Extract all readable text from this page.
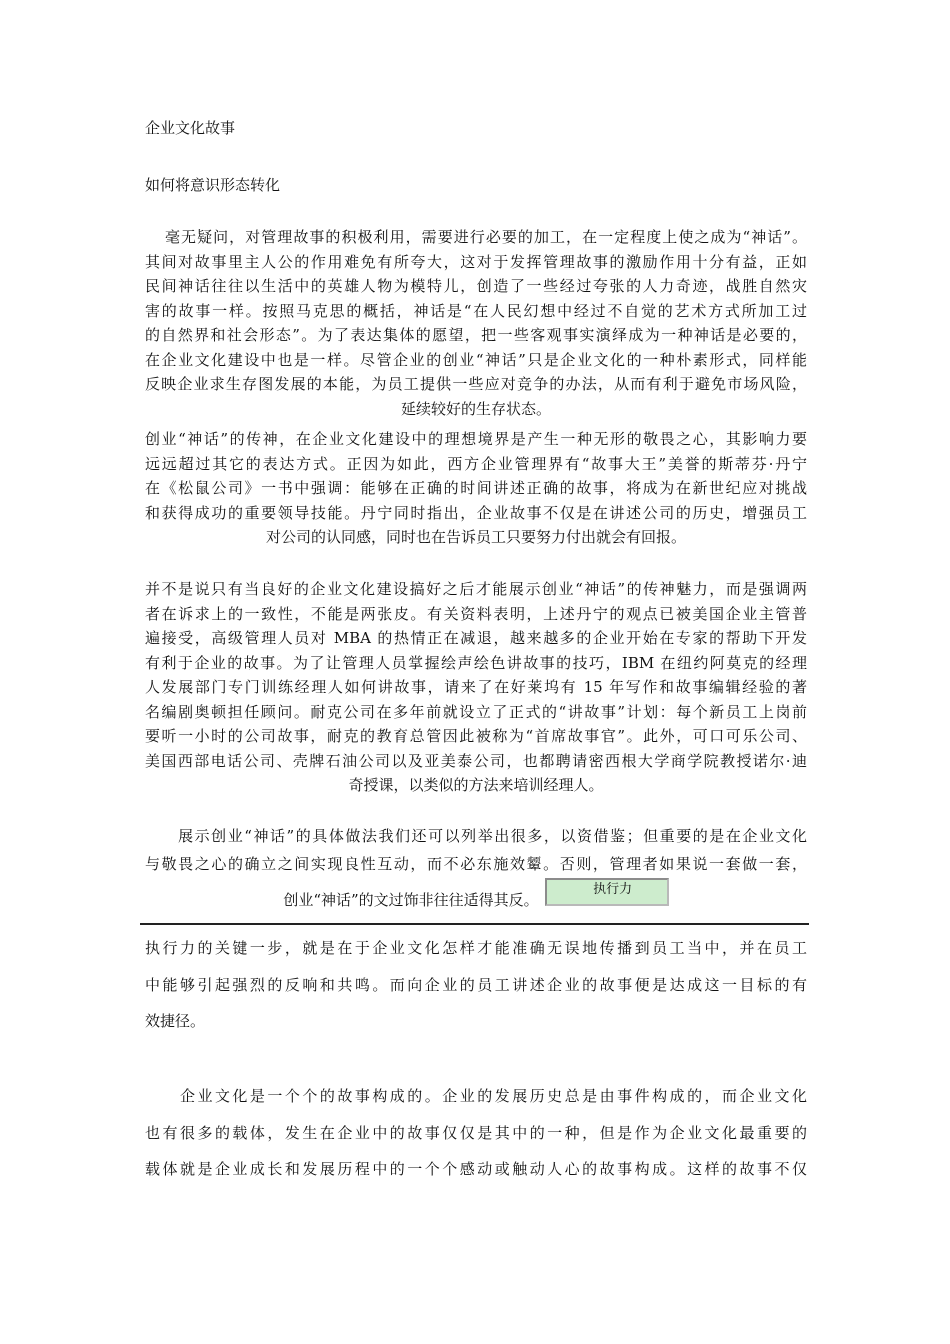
企业文化故事
如何将意识形态转化

毫无疑问，对管理故事的积极利用，需要进行必要的加工，在一定程度上使之成为“神话”。

其间对故事里主人公的作用难免有所夸大，这对于发挥管理故事的激励作用十分有益，正如

民间神话往往以生活中的英雄人物为模特儿，创造了一些经过夸张的人力奇迹，战胜自然灾

害的故事一样。按照马克思的概括，神话是“在人民幻想中经过不自觉的艺术方式所加工过

的自然界和社会形态”。为了表达集体的愿望，把一些客观事实演绎成为一种神话是必要的，

在企业文化建设中也是一样。尽管企业的创业“神话”只是企业文化的一种朴素形式，同样能

反映企业求生存图发展的本能，为员工提供一些应对竞争的办法，从而有利于避免市场风险，

延续较好的生存状态。

创业“神话”的传神，在企业文化建设中的理想境界是产生一种无形的敬畏之心，其影响力要

远远超过其它的表达方式。正因为如此，西方企业管理界有“故事大王”美誉的斯蒂芬·丹宁

在《松鼠公司》一书中强调：能够在正确的时间讲述正确的故事，将成为在新世纪应对挑战

和获得成功的重要领导技能。丹宁同时指出，企业故事不仅是在讲述公司的历史，增强员工

对公司的认同感，同时也在告诉员工只要努力付出就会有回报。

并不是说只有当良好的企业文化建设搞好之后才能展示创业“神话”的传神魅力，而是强调两

者在诉求上的一致性，不能是两张皮。有关资料表明，上述丹宁的观点已被美国企业主管普

遍接受，高级管理人员对 MBA 的热情正在减退，越来越多的企业开始在专家的帮助下开发

有利于企业的故事。为了让管理人员掌握绘声绘色讲故事的技巧，IBM 在纽约阿莫克的经理

人发展部门专门训练经理人如何讲故事，请来了在好莱坞有 15 年写作和故事编辑经验的著

名编剧奥顿担任顾问。耐克公司在多年前就设立了正式的“讲故事”计划：每个新员工上岗前

要听一小时的公司故事，耐克的教育总管因此被称为“首席故事官”。此外，可口可乐公司、

美国西部电话公司、壳牌石油公司以及亚美泰公司，也都聘请密西根大学商学院教授诺尔·迪

奇授课，以类似的方法来培训经理人。

　　展示创业“神话”的具体做法我们还可以列举出很多，以资借鉴；但重要的是在企业文化

与敬畏之心的确立之间实现良性互动，而不必东施效颦。否则，管理者如果说一套做一套，

创业“神话”的文过饰非往往适得其反。
执行力

执行力的关键一步，就是在于企业文化怎样才能准确无误地传播到员工当中，并在员工

中能够引起强烈的反响和共鸣。而向企业的员工讲述企业的故事便是达成这一目标的有

效捷径。

　　企业文化是一个个的故事构成的。企业的发展历史总是由事件构成的，而企业文化

也有很多的载体，发生在企业中的故事仅仅是其中的一种，但是作为企业文化最重要的

载体就是企业成长和发展历程中的一个个感动或触动人心的故事构成。这样的故事不仅
